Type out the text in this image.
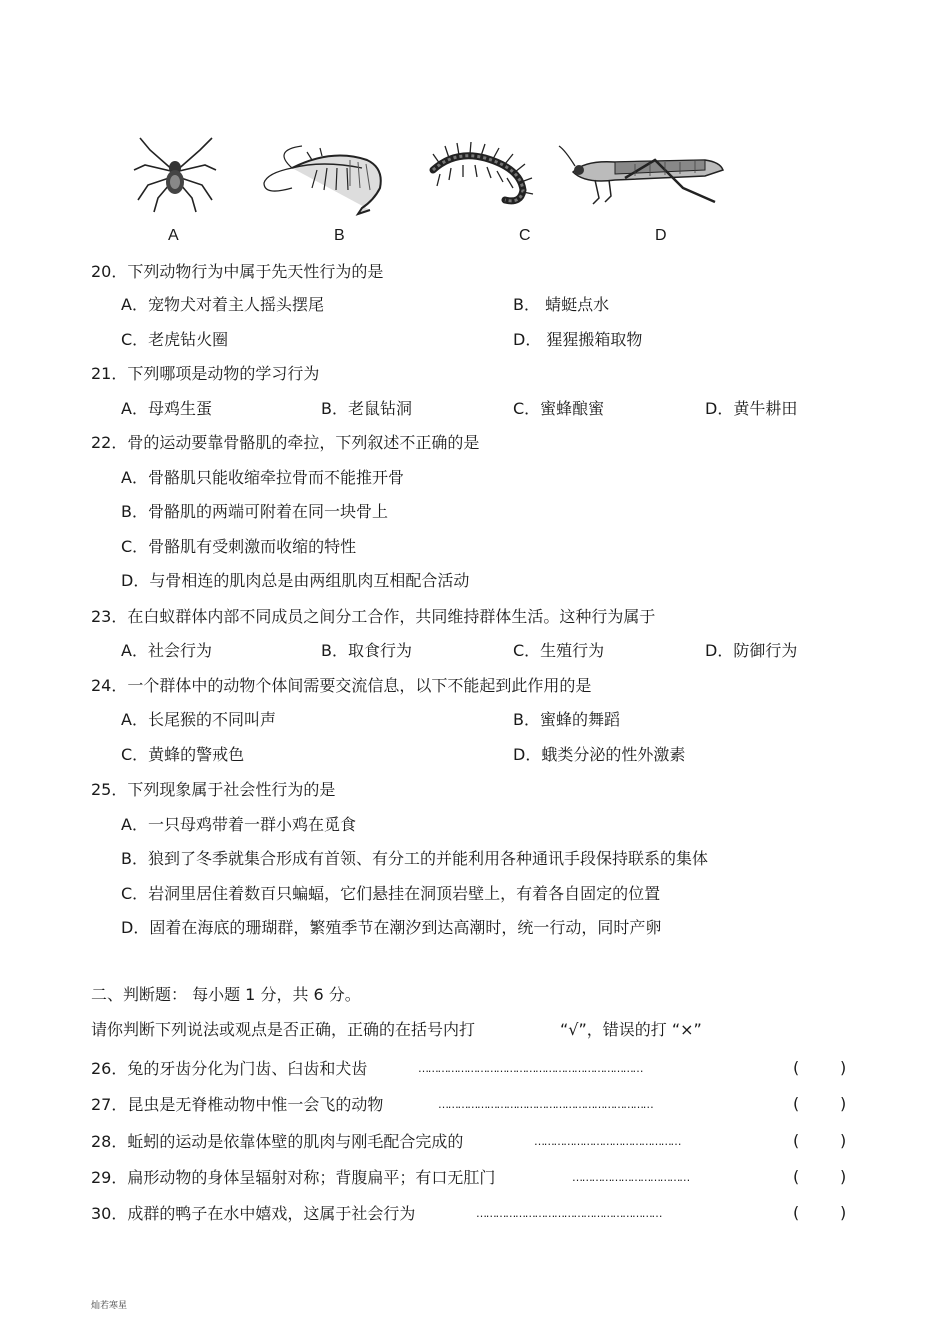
A	B	C	D
20．下列动物行为中属于先天性行为的是
A．宠物犬对着主人摇头摆尾	B． 蜻蜓点水
C．老虎钻火圈	D． 猩猩搬箱取物
21．下列哪项是动物的学习行为
A．母鸡生蛋	B．老鼠钻洞	C．蜜蜂酿蜜	D．黄牛耕田
22．骨的运动要靠骨骼肌的牵拉，下列叙述不正确的是
A．骨骼肌只能收缩牵拉骨而不能推开骨
B．骨骼肌的两端可附着在同一块骨上
C．骨骼肌有受刺激而收缩的特性
D．与骨相连的肌肉总是由两组肌肉互相配合活动
23．在白蚁群体内部不同成员之间分工合作，共同维持群体生活。这种行为属于
A．社会行为	B．取食行为	C．生殖行为	D．防御行为
24．一个群体中的动物个体间需要交流信息，以下不能起到此作用的是
A．长尾猴的不同叫声	B．蜜蜂的舞蹈
C．黄蜂的警戒色	D．蛾类分泌的性外激素
25．下列现象属于社会性行为的是
A．一只母鸡带着一群小鸡在觅食
B．狼到了冬季就集合形成有首领、有分工的并能利用各种通讯手段保持联系的集体
C．岩洞里居住着数百只蝙蝠，它们悬挂在洞顶岩壁上，有着各自固定的位置
D．固着在海底的珊瑚群，繁殖季节在潮汐到达高潮时，统一行动，同时产卵
二、判断题： 每小题 1 分，共 6 分。
请你判断下列说法或观点是否正确，正确的在括号内打	“√”，错误的打 “×”
26．兔的牙齿分化为门齿、臼齿和犬齿	……………………………………………………………	(	)
27．昆虫是无脊椎动物中惟一会飞的动物	…………………………………………………………	(	)
28．蚯蚓的运动是依靠体壁的肌肉与刚毛配合完成的	………………………………………	(	)
29．扁形动物的身体呈辐射对称；背腹扁平；有口无肛门	………………………………	(	)
30．成群的鸭子在水中嬉戏，这属于社会行为	…………………………………………………	(	)
灿若寒星
